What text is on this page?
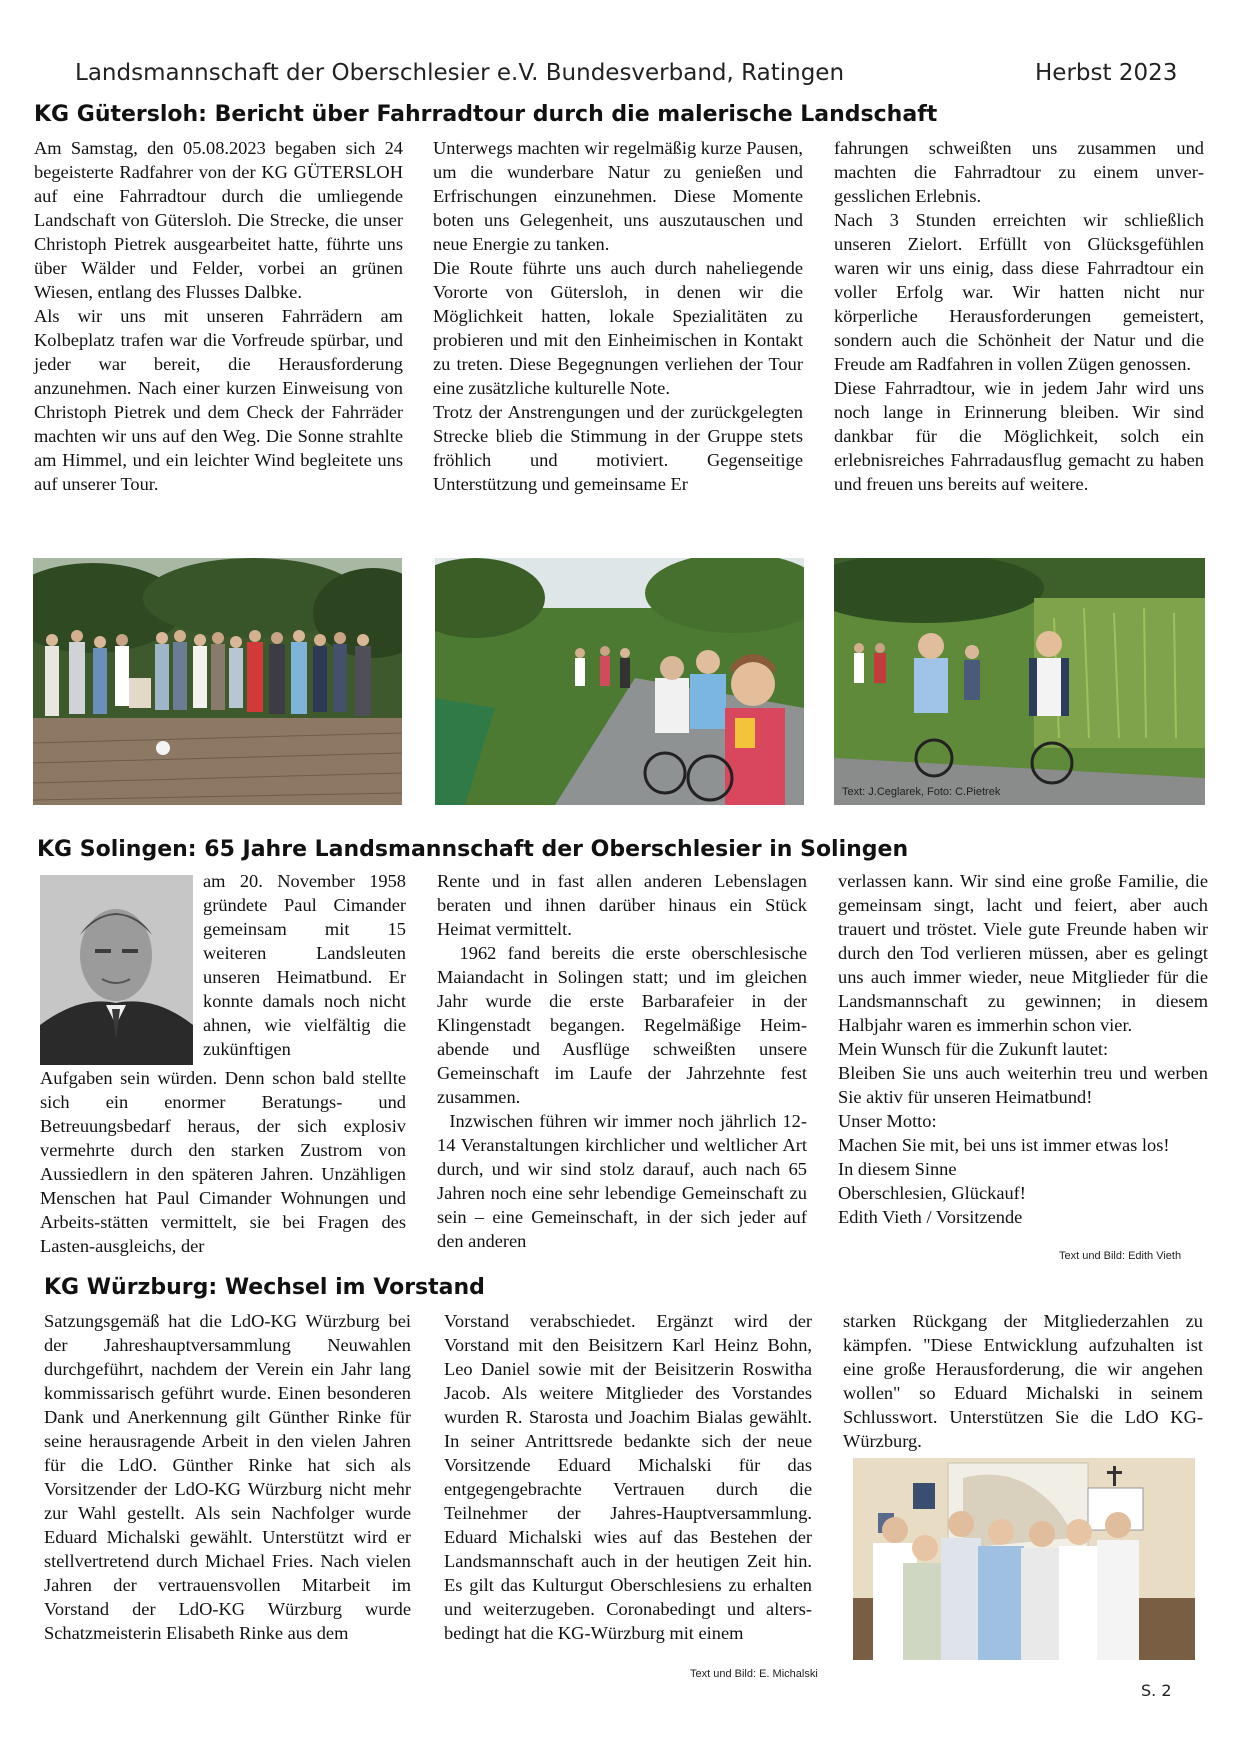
Landsmannschaft der Oberschlesier e.V. Bundesverband, Ratingen	Herbst 2023
KG Gütersloh: Bericht über Fahrradtour durch die malerische Landschaft

Am Samstag, den 05.08.2023 begaben sich 24 begeisterte Radfahrer von der KG GÜTERSLOH auf eine Fahrradtour durch die umliegende Landschaft von Gütersloh. Die Strecke, die unser Christoph Pietrek ausgearbeitet hatte, führte uns über Wälder und Felder, vorbei an grünen Wiesen, entlang des Flusses Dalbke.

Als wir uns mit unseren Fahrrädern am Kolbeplatz trafen war die Vorfreude spürbar, und jeder war bereit, die Herausforderung anzunehmen. Nach einer kurzen Einweisung von Christoph Pietrek und dem Check der Fahrräder machten wir uns auf den Weg. Die Sonne strahlte am Himmel, und ein leichter Wind begleitete uns auf unserer Tour.

Unterwegs machten wir regelmäßig kurze Pausen, um die wunderbare Natur zu genießen und Erfrischungen einzunehmen. Diese Momente boten uns Gelegenheit, uns auszutauschen und neue Energie zu tanken.

Die Route führte uns auch durch naheliegende Vororte von Gütersloh, in denen wir die Möglichkeit hatten, lokale Spezialitäten zu probieren und mit den Einheimischen in Kontakt zu treten. Diese Begegnungen verliehen der Tour eine zusätzliche kulturelle Note.

Trotz der Anstrengungen und der zurückgelegten Strecke blieb die Stimmung in der Gruppe stets fröhlich und motiviert. Gegenseitige Unterstützung und gemeinsame Er

fahrungen schweißten uns zusammen und machten die Fahrradtour zu einem unvergesslichen Erlebnis.

Nach 3 Stunden erreichten wir schließlich unseren Zielort. Erfüllt von Glücksgefühlen waren wir uns einig, dass diese Fahrradtour ein voller Erfolg war. Wir hatten nicht nur körperliche Herausforderungen gemeistert, sondern auch die Schönheit der Natur und die Freude am Radfahren in vollen Zügen genossen.

Diese Fahrradtour, wie in jedem Jahr wird uns noch lange in Erinnerung bleiben. Wir sind dankbar für die Möglichkeit, solch ein erlebnisreiches Fahrradausflug gemacht zu haben und freuen uns bereits auf weitere.

Text: J.Ceglarek, Foto: C.Pietrek
KG Solingen: 65 Jahre Landsmannschaft der Oberschlesier in Solingen
am 20. November 1958 gründete Paul Cimander gemeinsam mit 15 weiteren Landsleuten unseren Heimatbund. Er konnte damals noch nicht ahnen, wie vielfältig die zukünftigen
Aufgaben sein würden. Denn schon bald stellte sich ein enormer Beratungs- und Betreuungsbedarf heraus, der sich explosiv vermehrte durch den starken Zustrom von Aussiedlern in den späteren Jahren. Unzähligen Menschen hat Paul Cimander Wohnungen und Arbeits-stätten vermittelt, sie bei Fragen des Lasten-ausgleichs, der

Rente und in fast allen anderen Lebenslagen beraten und ihnen darüber hinaus ein Stück Heimat vermittelt.

1962 fand bereits die erste oberschlesische Maiandacht in Solingen statt; und im gleichen Jahr wurde die erste Barbarafeier in der Klingenstadt begangen. Regelmäßige Heim-abende und Ausflüge schweißten unsere Gemeinschaft im Laufe der Jahrzehnte fest zusammen.

Inzwischen führen wir immer noch jährlich 12-14 Veranstaltungen kirchlicher und weltlicher Art durch, und wir sind stolz darauf, auch nach 65 Jahren noch eine sehr lebendige Gemeinschaft zu sein – eine Gemeinschaft, in der sich jeder auf den anderen

verlassen kann. Wir sind eine große Familie, die gemeinsam singt, lacht und feiert, aber auch trauert und tröstet. Viele gute Freunde haben wir durch den Tod verlieren müssen, aber es gelingt uns auch immer wieder, neue Mitglieder für die Landsmannschaft zu gewinnen; in diesem Halbjahr waren es immerhin schon vier.

Mein Wunsch für die Zukunft lautet:

Bleiben Sie uns auch weiterhin treu und werben Sie aktiv für unseren Heimatbund!

Unser Motto:

Machen Sie mit, bei uns ist immer etwas los!

In diesem Sinne

Oberschlesien, Glückauf!

Edith Vieth / Vorsitzende

Text und Bild: Edith Vieth
KG Würzburg: Wechsel im Vorstand

Satzungsgemäß hat die LdO-KG Würzburg bei der Jahreshauptversammlung Neuwahlen durchgeführt, nachdem der Verein ein Jahr lang kommissarisch geführt wurde. Einen besonderen Dank und Anerkennung gilt Günther Rinke für seine herausragende Arbeit in den vielen Jahren für die LdO. Günther Rinke hat sich als Vorsitzender der LdO-KG Würzburg nicht mehr zur Wahl gestellt. Als sein Nachfolger wurde Eduard Michalski gewählt. Unterstützt wird er stellvertretend durch Michael Fries. Nach vielen Jahren der vertrauensvollen Mitarbeit im Vorstand der LdO-KG Würzburg wurde Schatzmeisterin Elisabeth Rinke aus dem

Vorstand verabschiedet. Ergänzt wird der Vorstand mit den Beisitzern Karl Heinz Bohn, Leo Daniel sowie mit der Beisitzerin Roswitha Jacob. Als weitere Mitglieder des Vorstandes wurden R. Starosta und Joachim Bialas gewählt. In seiner Antrittsrede bedankte sich der neue Vorsitzende Eduard Michalski für das entgegengebrachte Vertrauen durch die Teilnehmer der Jahres-Hauptversammlung. Eduard Michalski wies auf das Bestehen der Landsmannschaft auch in der heutigen Zeit hin. Es gilt das Kulturgut Oberschlesiens zu erhalten und weiterzugeben. Coronabedingt und altersbedingt hat die KG-Würzburg mit einem

starken Rückgang der Mitgliederzahlen zu kämpfen. "Diese Entwicklung aufzuhalten ist eine große Herausforderung, die wir angehen wollen" so Eduard Michalski in seinem Schlusswort. Unterstützen Sie die LdO KG-Würzburg.

Text und Bild: E. Michalski
S. 2
